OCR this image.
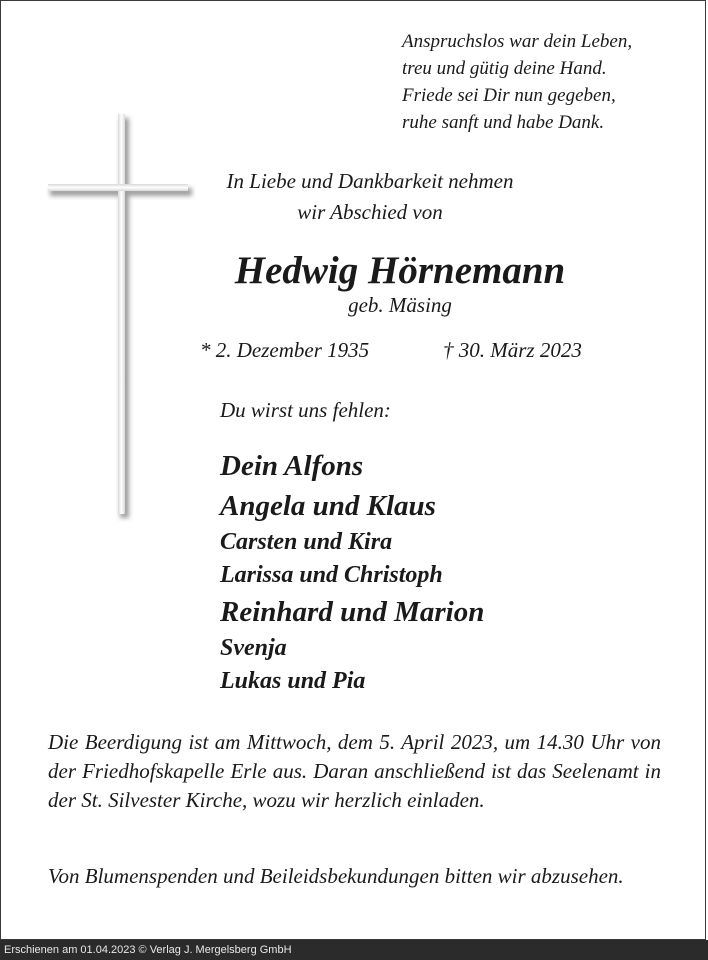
Anspruchslos war dein Leben,
treu und gütig deine Hand.
Friede sei Dir nun gegeben,
ruhe sanft und habe Dank.
In Liebe und Dankbarkeit nehmen
wir Abschied von
Hedwig Hörnemann
geb. Mäsing
* 2. Dezember 1935	† 30. März 2023
Du wirst uns fehlen:
Dein Alfons
Angela und Klaus
Carsten und Kira
Larissa und Christoph
Reinhard und Marion
Svenja
Lukas und Pia
Die Beerdigung ist am Mittwoch, dem 5. April 2023, um 14.30 Uhr von der Friedhofskapelle Erle aus. Daran anschließend ist das Seelenamt in der St. Silvester Kirche, wozu wir herzlich einladen.
Von Blumenspenden und Beileidsbekundungen bitten wir abzusehen.
Erschienen am 01.04.2023 © Verlag J. Mergelsberg GmbH
